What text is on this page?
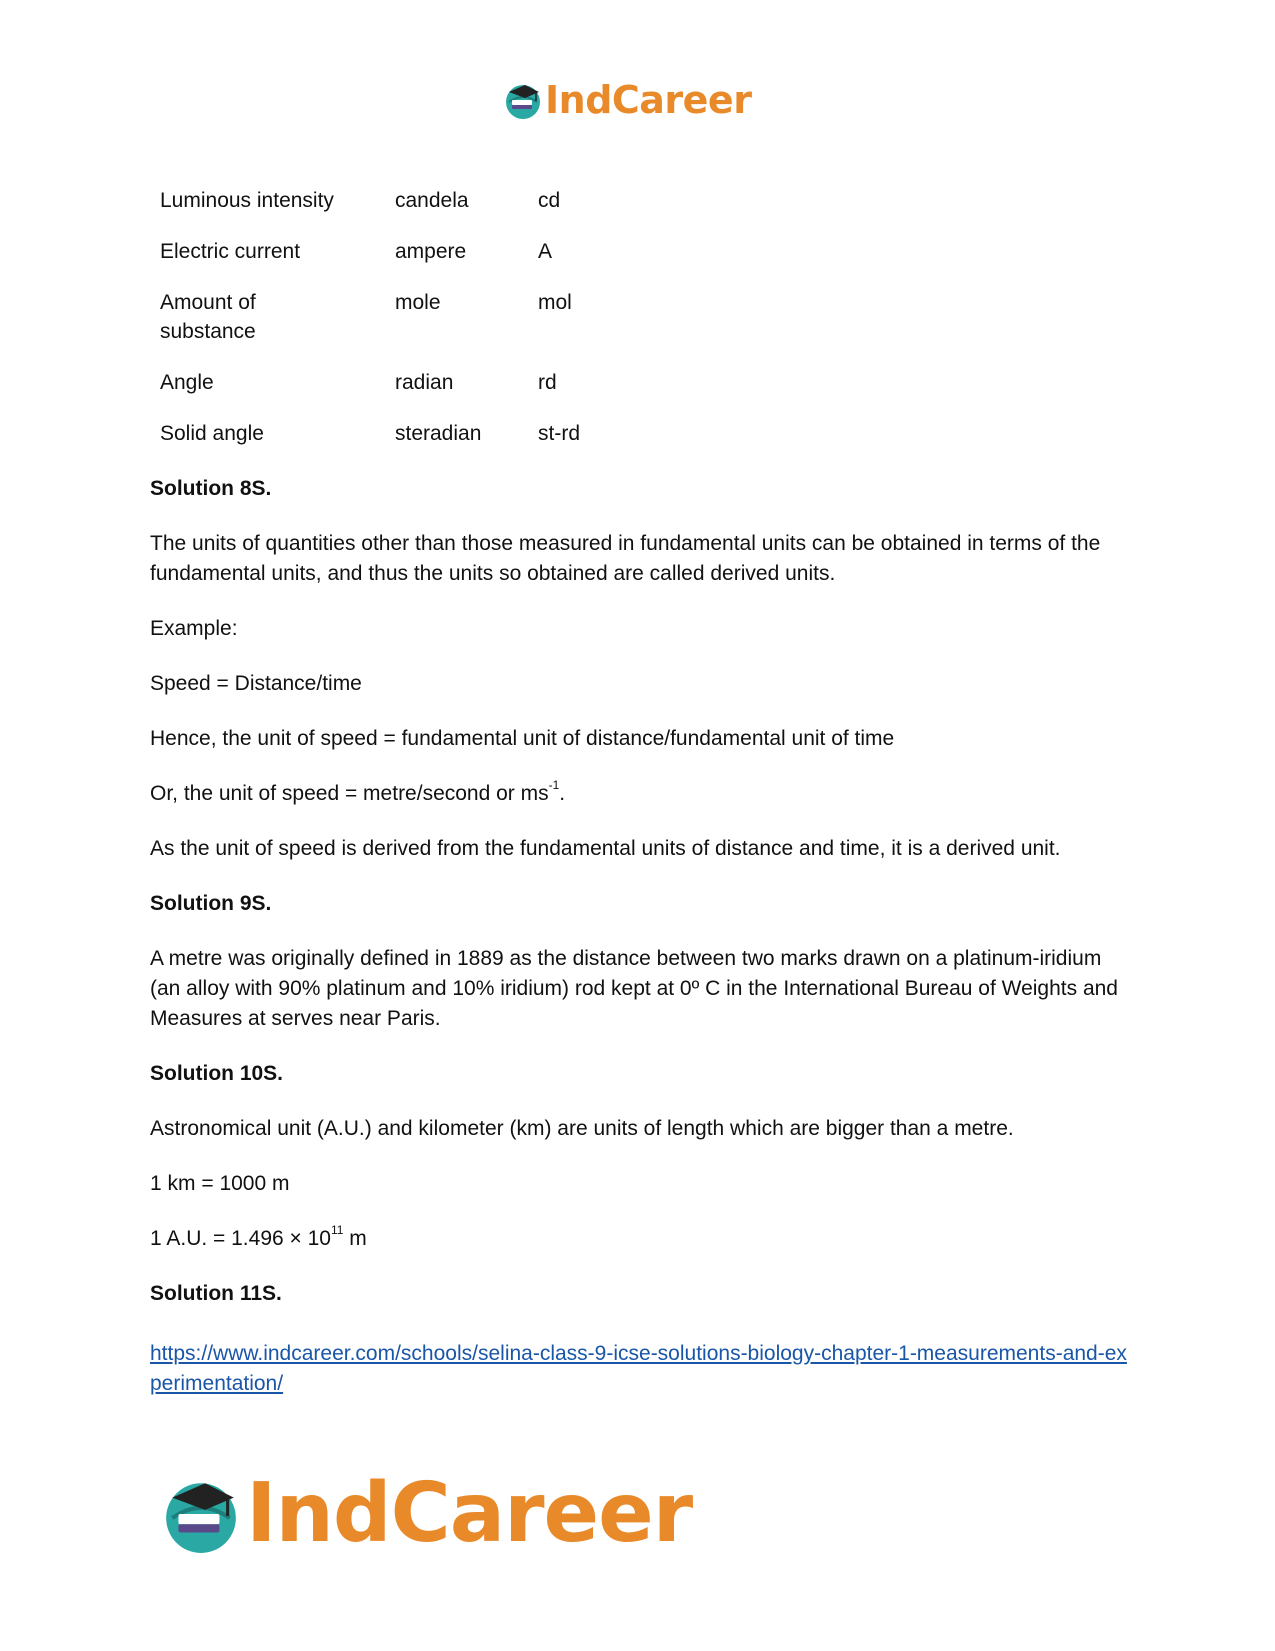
IndCareer
Luminous intensity	candela	cd
Electric current	ampere	A
Amount of substance	mole	mol
Angle	radian	rd
Solid angle	steradian	st-rd
Solution 8S.

The units of quantities other than those measured in fundamental units can be obtained in terms of the fundamental units, and thus the units so obtained are called derived units.

Example:

Speed = Distance/time

Hence, the unit of speed = fundamental unit of distance/fundamental unit of time

Or, the unit of speed = metre/second or $ms^{-1}$.

As the unit of speed is derived from the fundamental units of distance and time, it is a derived unit.

Solution 9S.

A metre was originally defined in 1889 as the distance between two marks drawn on a platinum-iridium (an alloy with 90% platinum and 10% iridium) rod kept at 0º C in the International Bureau of Weights and Measures at serves near Paris.

Solution 10S.

Astronomical unit (A.U.) and kilometer (km) are units of length which are bigger than a metre.

1 km = 1000 m

1 A.U. = $1.496 \times 10^{11}$ m

Solution 11S.
https://www.indcareer.com/schools/selina-class-9-icse-solutions-biology-chapter-1-measurements-and-experimentation/
IndCareer
